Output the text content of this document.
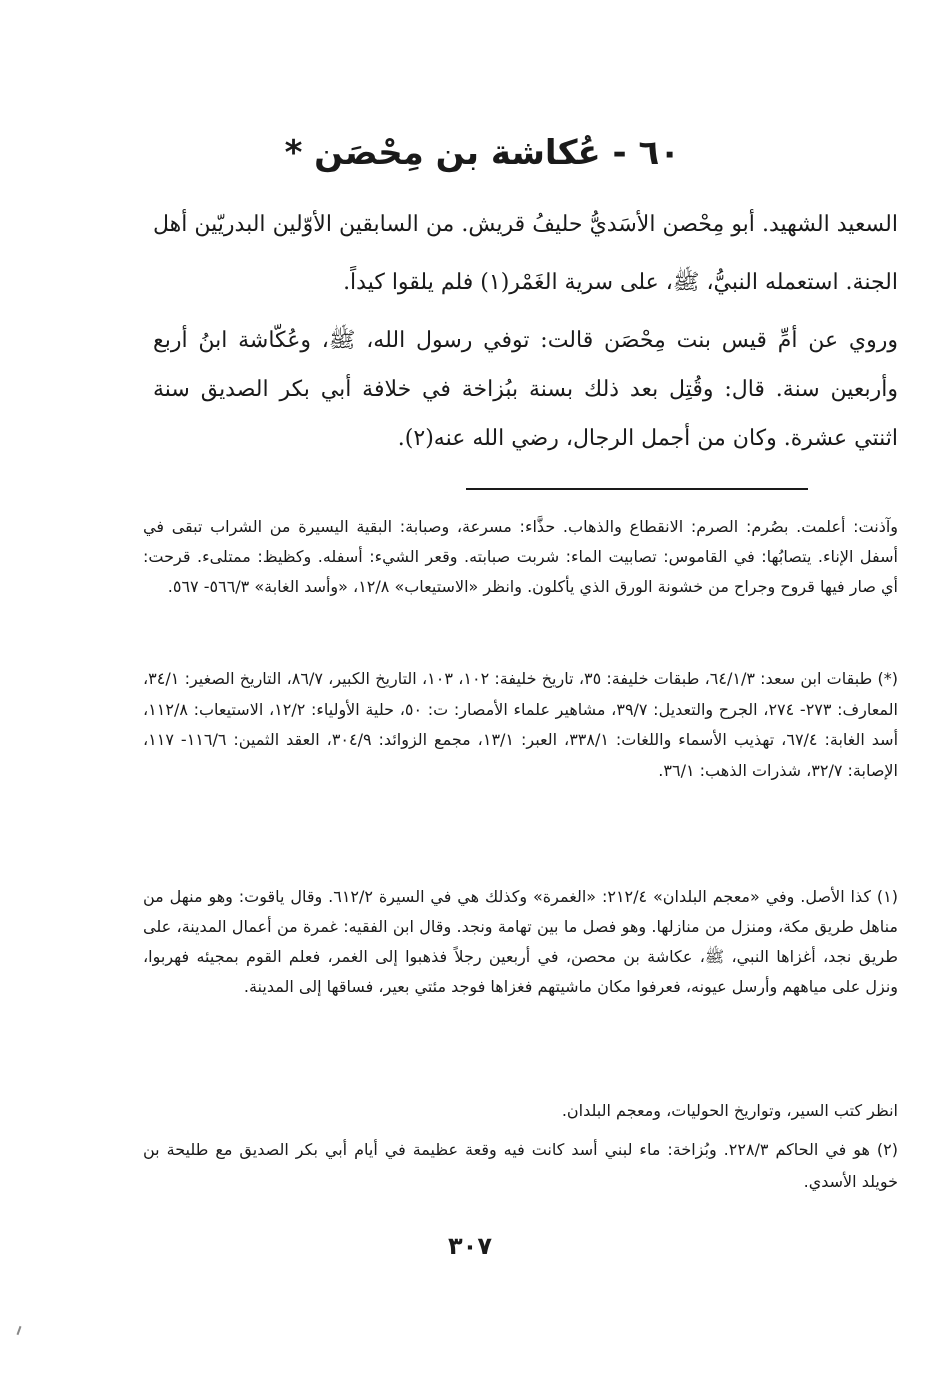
٦٠ - عُكاشة بن مِحْصَن *

السعيد الشهيد. أبو مِحْصن الأسَديُّ حليفُ قريش. من السابقين الأوّلين البدريّين أهل الجنة. استعمله النبيُّ، ﷺ، على سرية الغَمْر(١) فلم يلقوا كيداً.

وروي عن أمِّ قيس بنت مِحْصَن قالت: توفي رسول الله، ﷺ، وعُكّاشة ابنُ أربع وأربعين سنة. قال: وقُتِل بعد ذلك بسنة ببُزاخة في خلافة أبي بكر الصديق سنة اثنتي عشرة. وكان من أجمل الرجال، رضي الله عنه(٢).

وآذنت: أعلمت. بصُرم: الصرم: الانقطاع والذهاب. حذَّاء: مسرعة، وصبابة: البقية اليسيرة من الشراب تبقى في أسفل الإناء. يتصابُها: في القاموس: تصابيت الماء: شربت صبابته. وقعر الشيء: أسفله. وكظيظ: ممتلىء. قرحت: أي صار فيها قروح وجراح من خشونة الورق الذي يأكلون. وانظر «الاستيعاب» ١٢/٨، «وأسد الغابة» ٥٦٦/٣- ٥٦٧.

(*) طبقات ابن سعد: ٦٤/١/٣، طبقات خليفة: ٣٥، تاريخ خليفة: ١٠٢، ١٠٣، التاريخ الكبير، ٨٦/٧، التاريخ الصغير: ٣٤/١، المعارف: ٢٧٣- ٢٧٤، الجرح والتعديل: ٣٩/٧، مشاهير علماء الأمصار: ت: ٥٠، حلية الأولياء: ١٢/٢، الاستيعاب: ١١٢/٨، أسد الغابة: ٦٧/٤، تهذيب الأسماء واللغات: ٣٣٨/١، العبر: ١٣/١، مجمع الزوائد: ٣٠٤/٩، العقد الثمين: ١١٦/٦- ١١٧، الإصابة: ٣٢/٧، شذرات الذهب: ٣٦/١.

(١) كذا الأصل. وفي «معجم البلدان» ٢١٢/٤: «الغمرة» وكذلك هي في السيرة ٦١٢/٢. وقال ياقوت: وهو منهل من مناهل طريق مكة، ومنزل من منازلها. وهو فصل ما بين تهامة ونجد. وقال ابن الفقيه: غمرة من أعمال المدينة، على طريق نجد، أغزاها النبي، ﷺ، عكاشة بن محصن، في أربعين رجلاً فذهبوا إلى الغمر، فعلم القوم بمجيئه فهربوا، ونزل على مياههم وأرسل عيونه، فعرفوا مكان ماشيتهم فغزاها فوجد مئتي بعير، فساقها إلى المدينة.

انظر كتب السير، وتواريخ الحوليات، ومعجم البلدان.

(٢) هو في الحاكم ٢٢٨/٣. وبُزاخة: ماء لبني أسد كانت فيه وقعة عظيمة في أيام أبي بكر الصديق مع طليحة بن خويلد الأسدي.

٣٠٧
